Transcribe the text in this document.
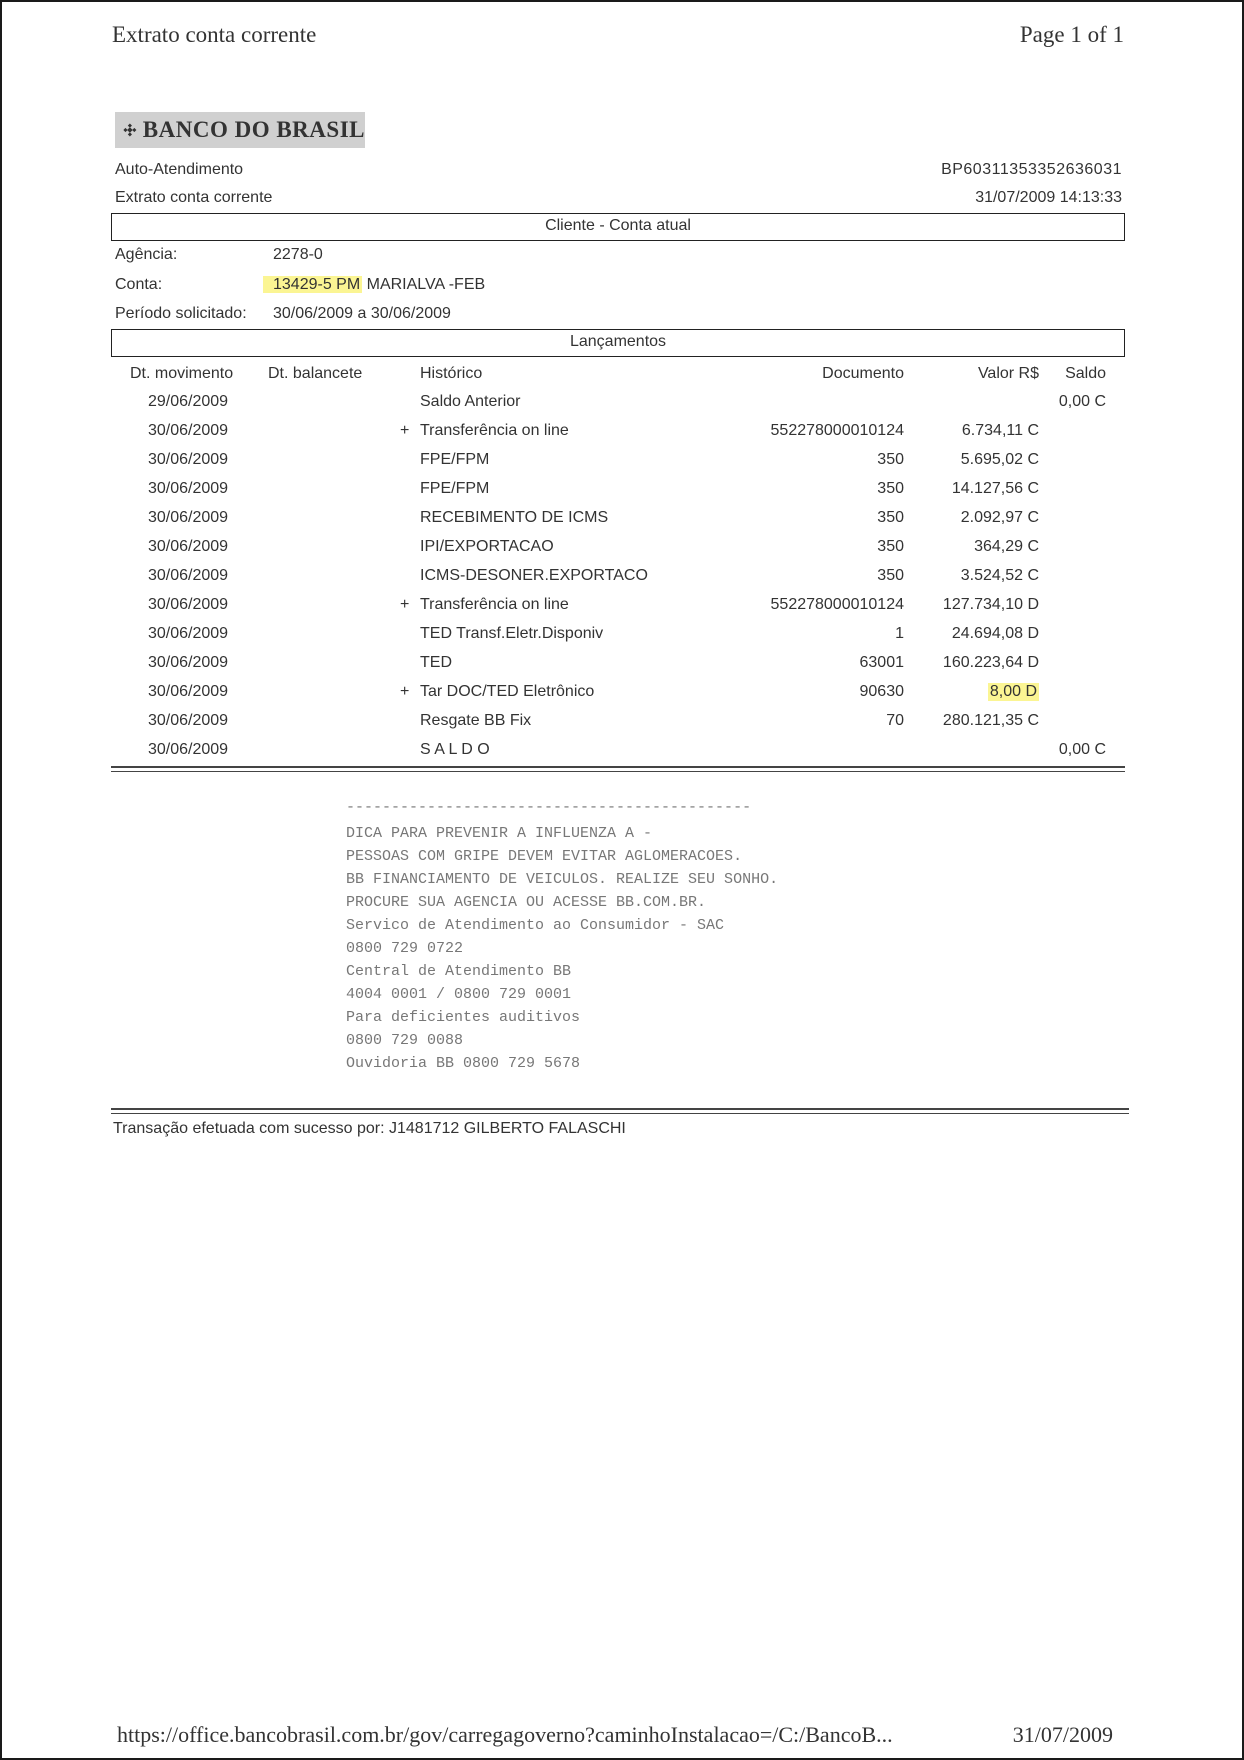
Extrato conta corrente	Page 1 of 1
BANCO DO BRASIL
Auto-Atendimento
Extrato conta corrente
BP60311353352636031
31/07/2009 14:13:33
Cliente - Conta atual
Agência:	2278-0
Conta:	13429-5 PM MARIALVA -FEB
Período solicitado: 30/06/2009 a 30/06/2009
Lançamentos
Dt. movimento Dt. balancete	Histórico	Documento	Valor R$ Saldo
29/06/2009	Saldo Anterior	0,00 C
30/06/2009	+ Transferência on line	552278000010124	6.734,11 C
30/06/2009	FPE/FPM	350	5.695,02 C
30/06/2009	FPE/FPM	350	14.127,56 C
30/06/2009	RECEBIMENTO DE ICMS	350	2.092,97 C
30/06/2009	IPI/EXPORTACAO	350	364,29 C
30/06/2009	ICMS-DESONER.EXPORTACO	350	3.524,52 C
30/06/2009	+ Transferência on line	552278000010124 127.734,10 D
30/06/2009	TED Transf.Eletr.Disponiv	1	24.694,08 D
30/06/2009	TED	63001 160.223,64 D
30/06/2009	+ Tar DOC/TED Eletrônico	90630	8,00 D
30/06/2009	Resgate BB Fix	70 280.121,35 C
30/06/2009	S A L D O	0,00 C
---------------------------------------------
DICA PARA PREVENIR A INFLUENZA A -
PESSOAS COM GRIPE DEVEM EVITAR AGLOMERACOES.
BB FINANCIAMENTO DE VEICULOS. REALIZE SEU SONHO.
PROCURE SUA AGENCIA OU ACESSE BB.COM.BR.
Servico de Atendimento ao Consumidor - SAC
0800 729 0722
Central de Atendimento BB
4004 0001 / 0800 729 0001
Para deficientes auditivos
0800 729 0088
Ouvidoria BB 0800 729 5678
Transação efetuada com sucesso por: J1481712 GILBERTO FALASCHI
https://office.bancobrasil.com.br/gov/carregagoverno?caminhoInstalacao=/C:/BancoB...	31/07/2009
